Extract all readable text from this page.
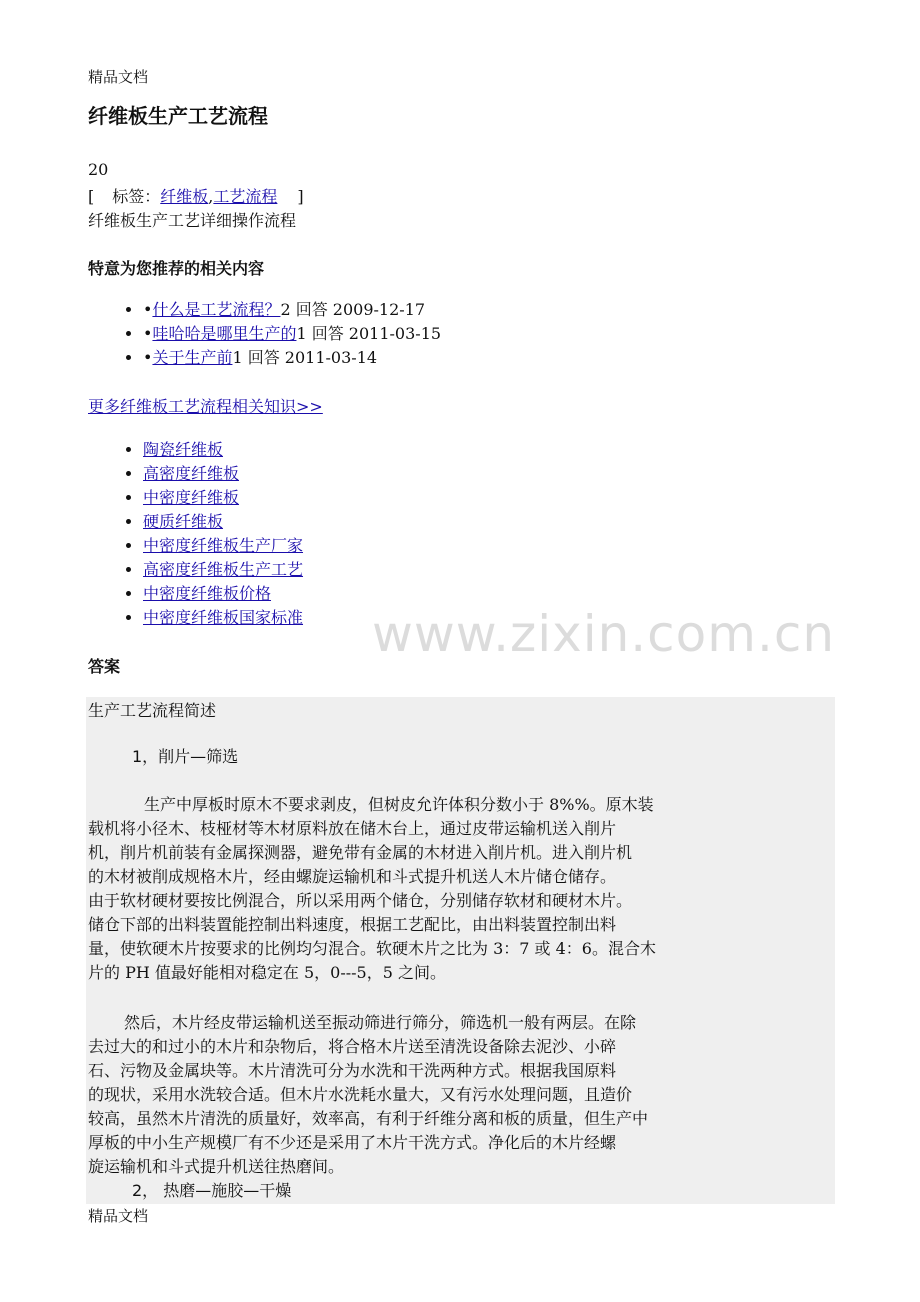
精品文档
纤维板生产工艺流程
20
[ 标签：纤维板,工艺流程 ]
纤维板生产工艺详细操作流程
特意为您推荐的相关内容
• •什么是工艺流程？2 回答 2009-12-17
• •哇哈哈是哪里生产的1 回答 2011-03-15
• •关于生产前1 回答 2011-03-14
更多纤维板工艺流程相关知识>>
• 陶瓷纤维板
• 高密度纤维板
• 中密度纤维板
• 硬质纤维板
• 中密度纤维板生产厂家
• 高密度纤维板生产工艺
• 中密度纤维板价格
• 中密度纤维板国家标准 www.zixin.com.cn
答案
生产工艺流程简述
1，削片—筛选
生产中厚板时原木不要求剥皮，但树皮允许体积分数小于 8%%。原木装
载机将小径木、枝桠材等木材原料放在储木台上，通过皮带运输机送入削片
机，削片机前装有金属探测器，避免带有金属的木材进入削片机。进入削片机
的木材被削成规格木片，经由螺旋运输机和斗式提升机送人木片储仓储存。
由于软材硬材要按比例混合，所以采用两个储仓，分别储存软材和硬材木片。
储仓下部的出料装置能控制出料速度，根据工艺配比，由出料装置控制出料
量，使软硬木片按要求的比例均匀混合。软硬木片之比为 3：7 或 4：6。混合木
片的 PH 值最好能相对稳定在 5，0---5，5 之间。
然后，木片经皮带运输机送至振动筛进行筛分，筛选机一般有两层。在除
去过大的和过小的木片和杂物后，将合格木片送至清洗设备除去泥沙、小碎
石、污物及金属块等。木片清洗可分为水洗和干洗两种方式。根据我国原料
的现状，采用水洗较合适。但木片水洗耗水量大，又有污水处理问题，且造价
较高，虽然木片清洗的质量好，效率高，有利于纤维分离和板的质量，但生产中
厚板的中小生产规模厂有不少还是采用了木片干洗方式。净化后的木片经螺
旋运输机和斗式提升机送往热磨间。
2， 热磨—施胶—干燥
精品文档
